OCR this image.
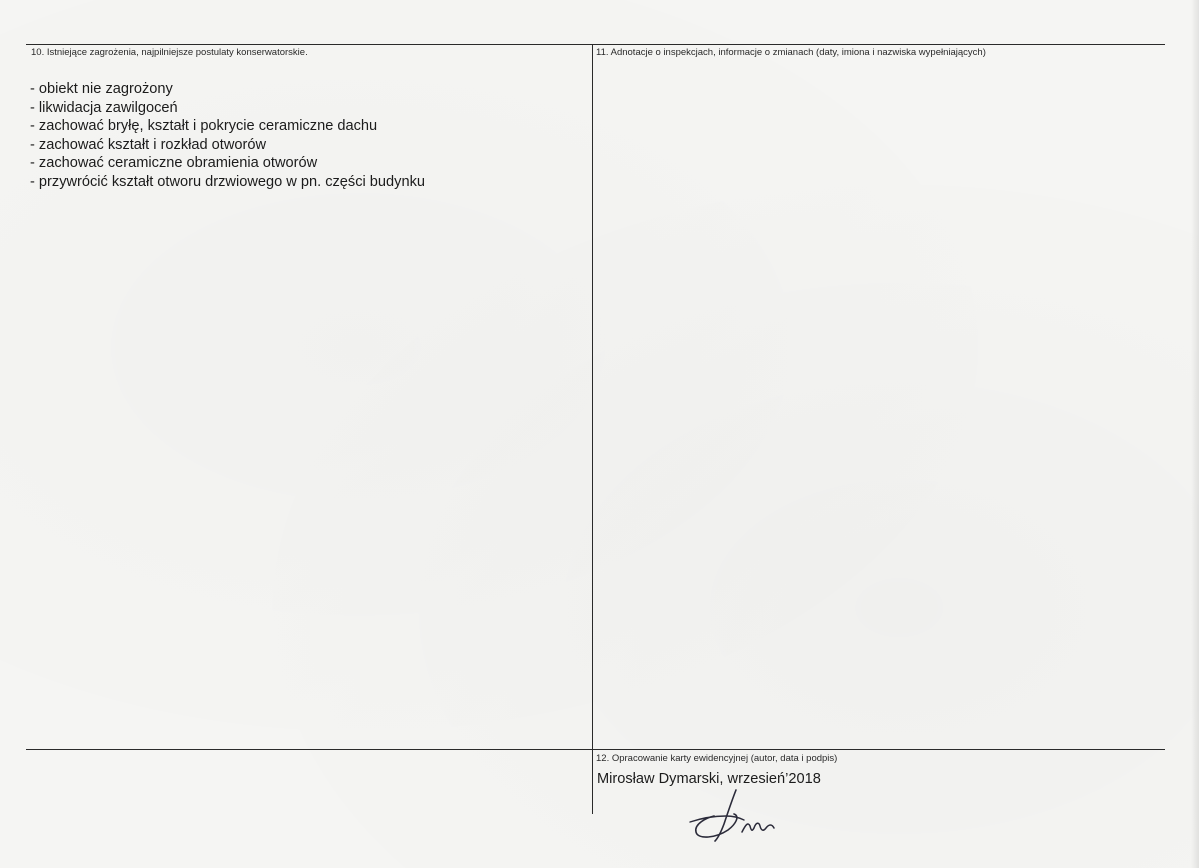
10. Istniejące zagrożenia, najpilniejsze postulaty konserwatorskie.
- obiekt nie zagrożony
- likwidacja zawilgoceń
- zachować bryłę, kształt i pokrycie ceramiczne dachu
- zachować kształt i rozkład otworów
- zachować ceramiczne obramienia otworów
- przywrócić kształt otworu drzwiowego w pn. części budynku
11. Adnotacje o inspekcjach, informacje o zmianach (daty, imiona i nazwiska wypełniających)
12. Opracowanie karty ewidencyjnej (autor, data i podpis)
Mirosław Dymarski, wrzesień’2018
